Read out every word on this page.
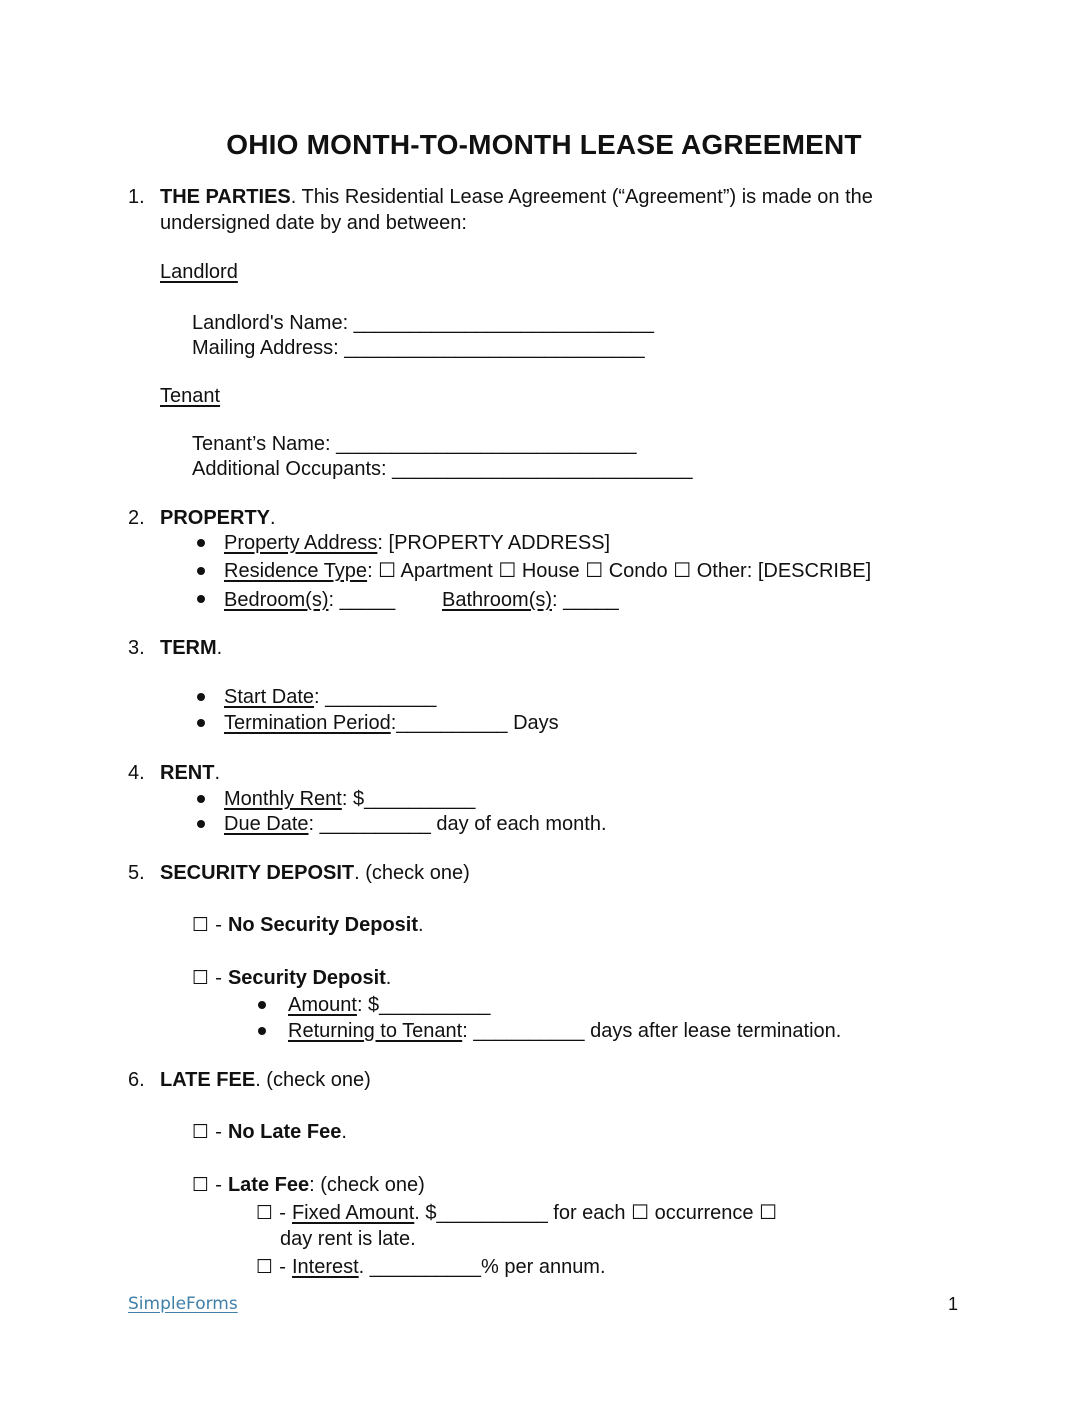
OHIO MONTH-TO-MONTH LEASE AGREEMENT
1. THE PARTIES. This Residential Lease Agreement (“Agreement”) is made on the
undersigned date by and between:
Landlord
Landlord's Name: ___________________________
Mailing Address: ___________________________
Tenant
Tenant’s Name: ___________________________
Additional Occupants: ___________________________
2. PROPERTY.
Property Address: [PROPERTY ADDRESS]
Residence Type: ☐ Apartment ☐ House ☐ Condo ☐ Other: [DESCRIBE]
Bedroom(s): _____ Bathroom(s): _____
3. TERM.
Start Date: __________
Termination Period:__________ Days
4. RENT.
Monthly Rent: $__________
Due Date: __________ day of each month.
5. SECURITY DEPOSIT. (check one)
☐ - No Security Deposit.
☐ - Security Deposit.
Amount: $__________
Returning to Tenant: __________ days after lease termination.
6. LATE FEE. (check one)
☐ - No Late Fee.
☐ - Late Fee: (check one)
☐ - Fixed Amount. $__________ for each ☐ occurrence ☐
day rent is late.
☐ - Interest. __________% per annum.
SimpleForms	1
